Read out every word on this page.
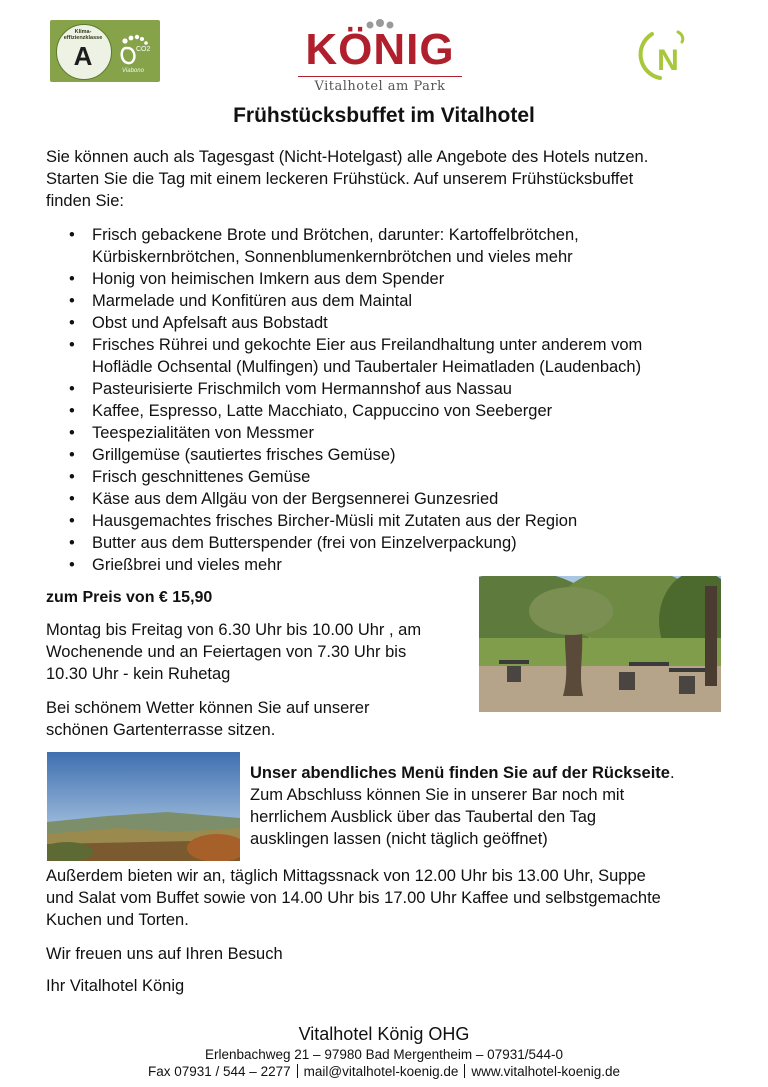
Klima-effizienzklasse
A	CO2
Viabono	KÖNIG
Vitalhotel am Park
N
Frühstücksbuffet im Vitalhotel
Sie können auch als Tagesgast (Nicht-Hotelgast) alle Angebote des Hotels nutzen.
Starten Sie die Tag mit einem leckeren Frühstück. Auf unserem Frühstücksbuffet
finden Sie:
• Frisch gebackene Brote und Brötchen, darunter: Kartoffelbrötchen,
Kürbiskernbrötchen, Sonnenblumenkernbrötchen und vieles mehr
• Honig von heimischen Imkern aus dem Spender
• Marmelade und Konfitüren aus dem Maintal
• Obst und Apfelsaft aus Bobstadt
• Frisches Rührei und gekochte Eier aus Freilandhaltung unter anderem vom
Hoflädle Ochsental (Mulfingen) und Taubertaler Heimatladen (Laudenbach)
• Pasteurisierte Frischmilch vom Hermannshof aus Nassau
• Kaffee, Espresso, Latte Macchiato, Cappuccino von Seeberger
• Teespezialitäten von Messmer
• Grillgemüse (sautiertes frisches Gemüse)
• Frisch geschnittenes Gemüse
• Käse aus dem Allgäu von der Bergsennerei Gunzesried
• Hausgemachtes frisches Bircher-Müsli mit Zutaten aus der Region
• Butter aus dem Butterspender (frei von Einzelverpackung)
• Grießbrei und vieles mehr
zum Preis von € 15,90
Montag bis Freitag von 6.30 Uhr bis 10.00 Uhr , am
Wochenende und an Feiertagen von 7.30 Uhr bis
10.30 Uhr - kein Ruhetag
Bei schönem Wetter können Sie auf unserer
schönen Gartenterrasse sitzen.
Unser abendliches Menü finden Sie auf der Rückseite.
Zum Abschluss können Sie in unserer Bar noch mit
herrlichem Ausblick über das Taubertal den Tag
ausklingen lassen (nicht täglich geöffnet)
Außerdem bieten wir an, täglich Mittagssnack von 12.00 Uhr bis 13.00 Uhr, Suppe
und Salat vom Buffet sowie von 14.00 Uhr bis 17.00 Uhr Kaffee und selbstgemachte
Kuchen und Torten.
Wir freuen uns auf Ihren Besuch
Ihr Vitalhotel König
Vitalhotel König OHG
Erlenbachweg 21 – 97980 Bad Mergentheim – 07931/544-0
Fax 07931 / 544 – 2277 mail@vitalhotel-koenig.de www.vitalhotel-koenig.de
